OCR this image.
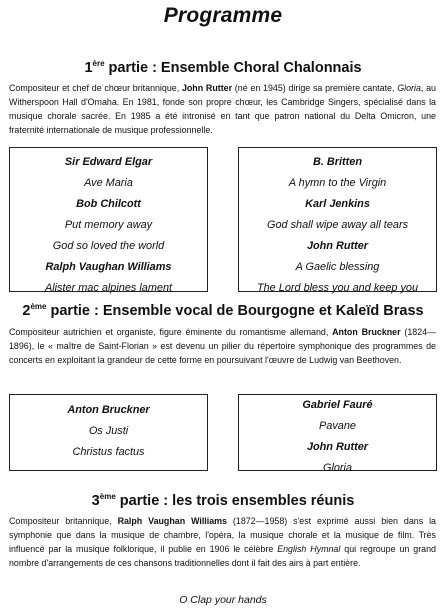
Programme
1ère partie : Ensemble Choral Chalonnais

Compositeur et chef de chœur britannique, John Rutter (né en 1945) dirige sa première cantate, Gloria, au Witherspoon Hall d'Omaha. En 1981, fonde son propre chœur, les Cambridge Singers, spécialisé dans la musique chorale sacrée. En 1985 a été intronisé en tant que patron national du Delta Omicron, une fraternité internationale de musique professionnelle.

Sir Edward Elgar
Ave Maria
Bob Chilcott
Put memory away
God so loved the world
Ralph Vaughan Williams
Alister mac alpines lament
B. Britten
A hymn to the Virgin
Karl Jenkins
God shall wipe away all tears
John Rutter
A Gaelic blessing
The Lord bless you and keep you
2ème partie : Ensemble vocal de Bourgogne et Kaleïd Brass

Compositeur autrichien et organiste, figure éminente du romantisme allemand, Anton Bruckner (1824—1896), le « maître de Saint-Florian » est devenu un pilier du répertoire symphonique des programmes de concerts en exploitant la grandeur de cette forme en poursuivant l'œuvre de Ludwig van Beethoven.

Anton Bruckner
Os Justi
Christus factus
Gabriel Fauré
Pavane
John Rutter
Gloria
3ème partie : les trois ensembles réunis

Compositeur britannique, Ralph Vaughan Williams (1872—1958) s'est exprimé aussi bien dans la symphonie que dans la musique de chambre, l'opéra, la musique chorale et la musique de film. Très influencé par la musique folklorique, il publie en 1906 le célèbre English Hymnal qui regroupe un grand nombre d'arrangements de ces chansons traditionnelles dont il fait des airs à part entière.

O Clap your hands
